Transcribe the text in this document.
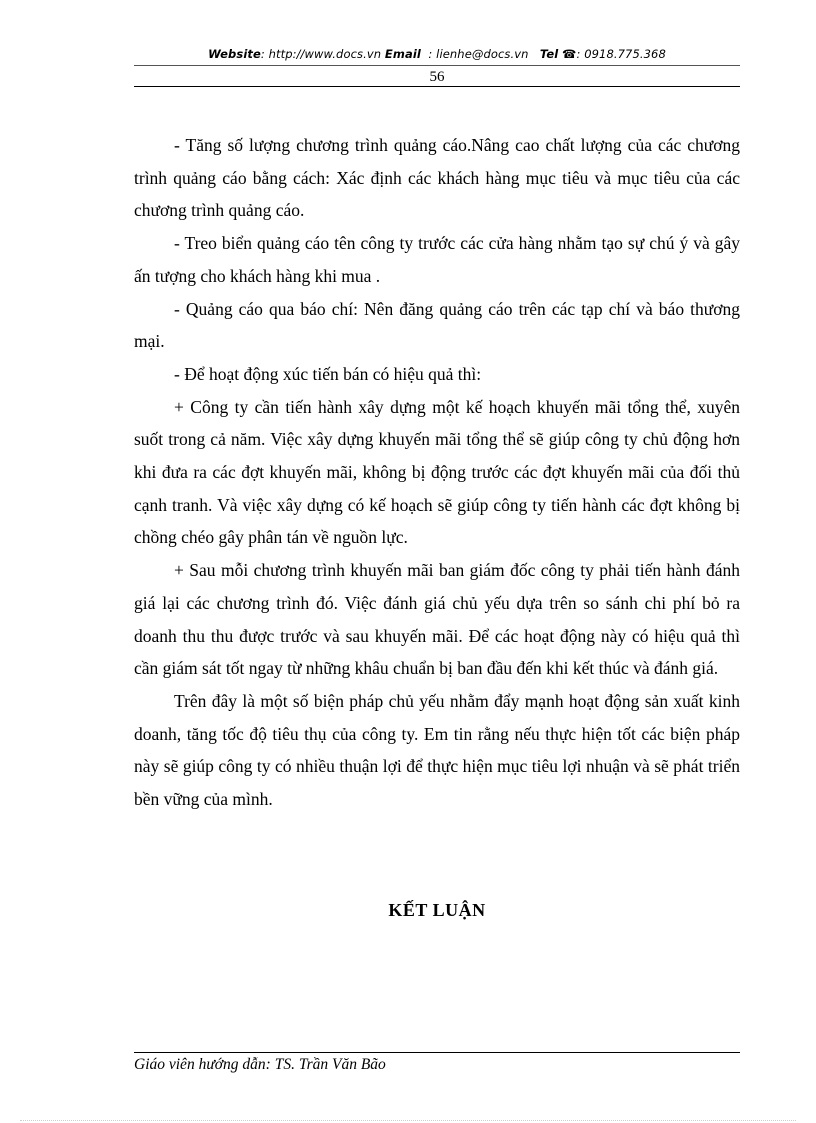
Website: http://www.docs.vn Email : lienhe@docs.vn Tel ☎: 0918.775.368
56

- Tăng số lượng chương trình quảng cáo.Nâng cao chất lượng của các chương trình quảng cáo bằng cách: Xác định các khách hàng mục tiêu và mục tiêu của các chương trình quảng cáo.

- Treo biển quảng cáo tên công ty trước các cửa hàng nhằm tạo sự chú ý và gây ấn tượng cho khách hàng khi mua .

- Quảng cáo qua báo chí: Nên đăng quảng cáo trên các tạp chí và báo thương mại.

- Để hoạt động xúc tiến bán có hiệu quả thì:

+ Công ty cần tiến hành xây dựng một kế hoạch khuyến mãi tổng thể, xuyên suốt trong cả năm. Việc xây dựng khuyến mãi tổng thể sẽ giúp công ty chủ động hơn khi đưa ra các đợt khuyến mãi, không bị động trước các đợt khuyến mãi của đối thủ cạnh tranh. Và việc xây dựng có kế hoạch sẽ giúp công ty tiến hành các đợt không bị chồng chéo gây phân tán về nguồn lực.

+ Sau mỗi chương trình khuyến mãi ban giám đốc công ty phải tiến hành đánh giá lại các chương trình đó. Việc đánh giá chủ yếu dựa trên so sánh chi phí bỏ ra doanh thu thu được trước và sau khuyến mãi. Để các hoạt động này có hiệu quả thì cần giám sát tốt ngay từ những khâu chuẩn bị ban đầu đến khi kết thúc và đánh giá.

Trên đây là một số biện pháp chủ yếu nhằm đẩy mạnh hoạt động sản xuất kinh doanh, tăng tốc độ tiêu thụ của công ty. Em tin rằng nếu thực hiện tốt các biện pháp này sẽ giúp công ty có nhiều thuận lợi để thực hiện mục tiêu lợi nhuận và sẽ phát triển bền vững của mình.

KẾT LUẬN
Giáo viên hướng dẫn: TS. Trần Văn Bão
